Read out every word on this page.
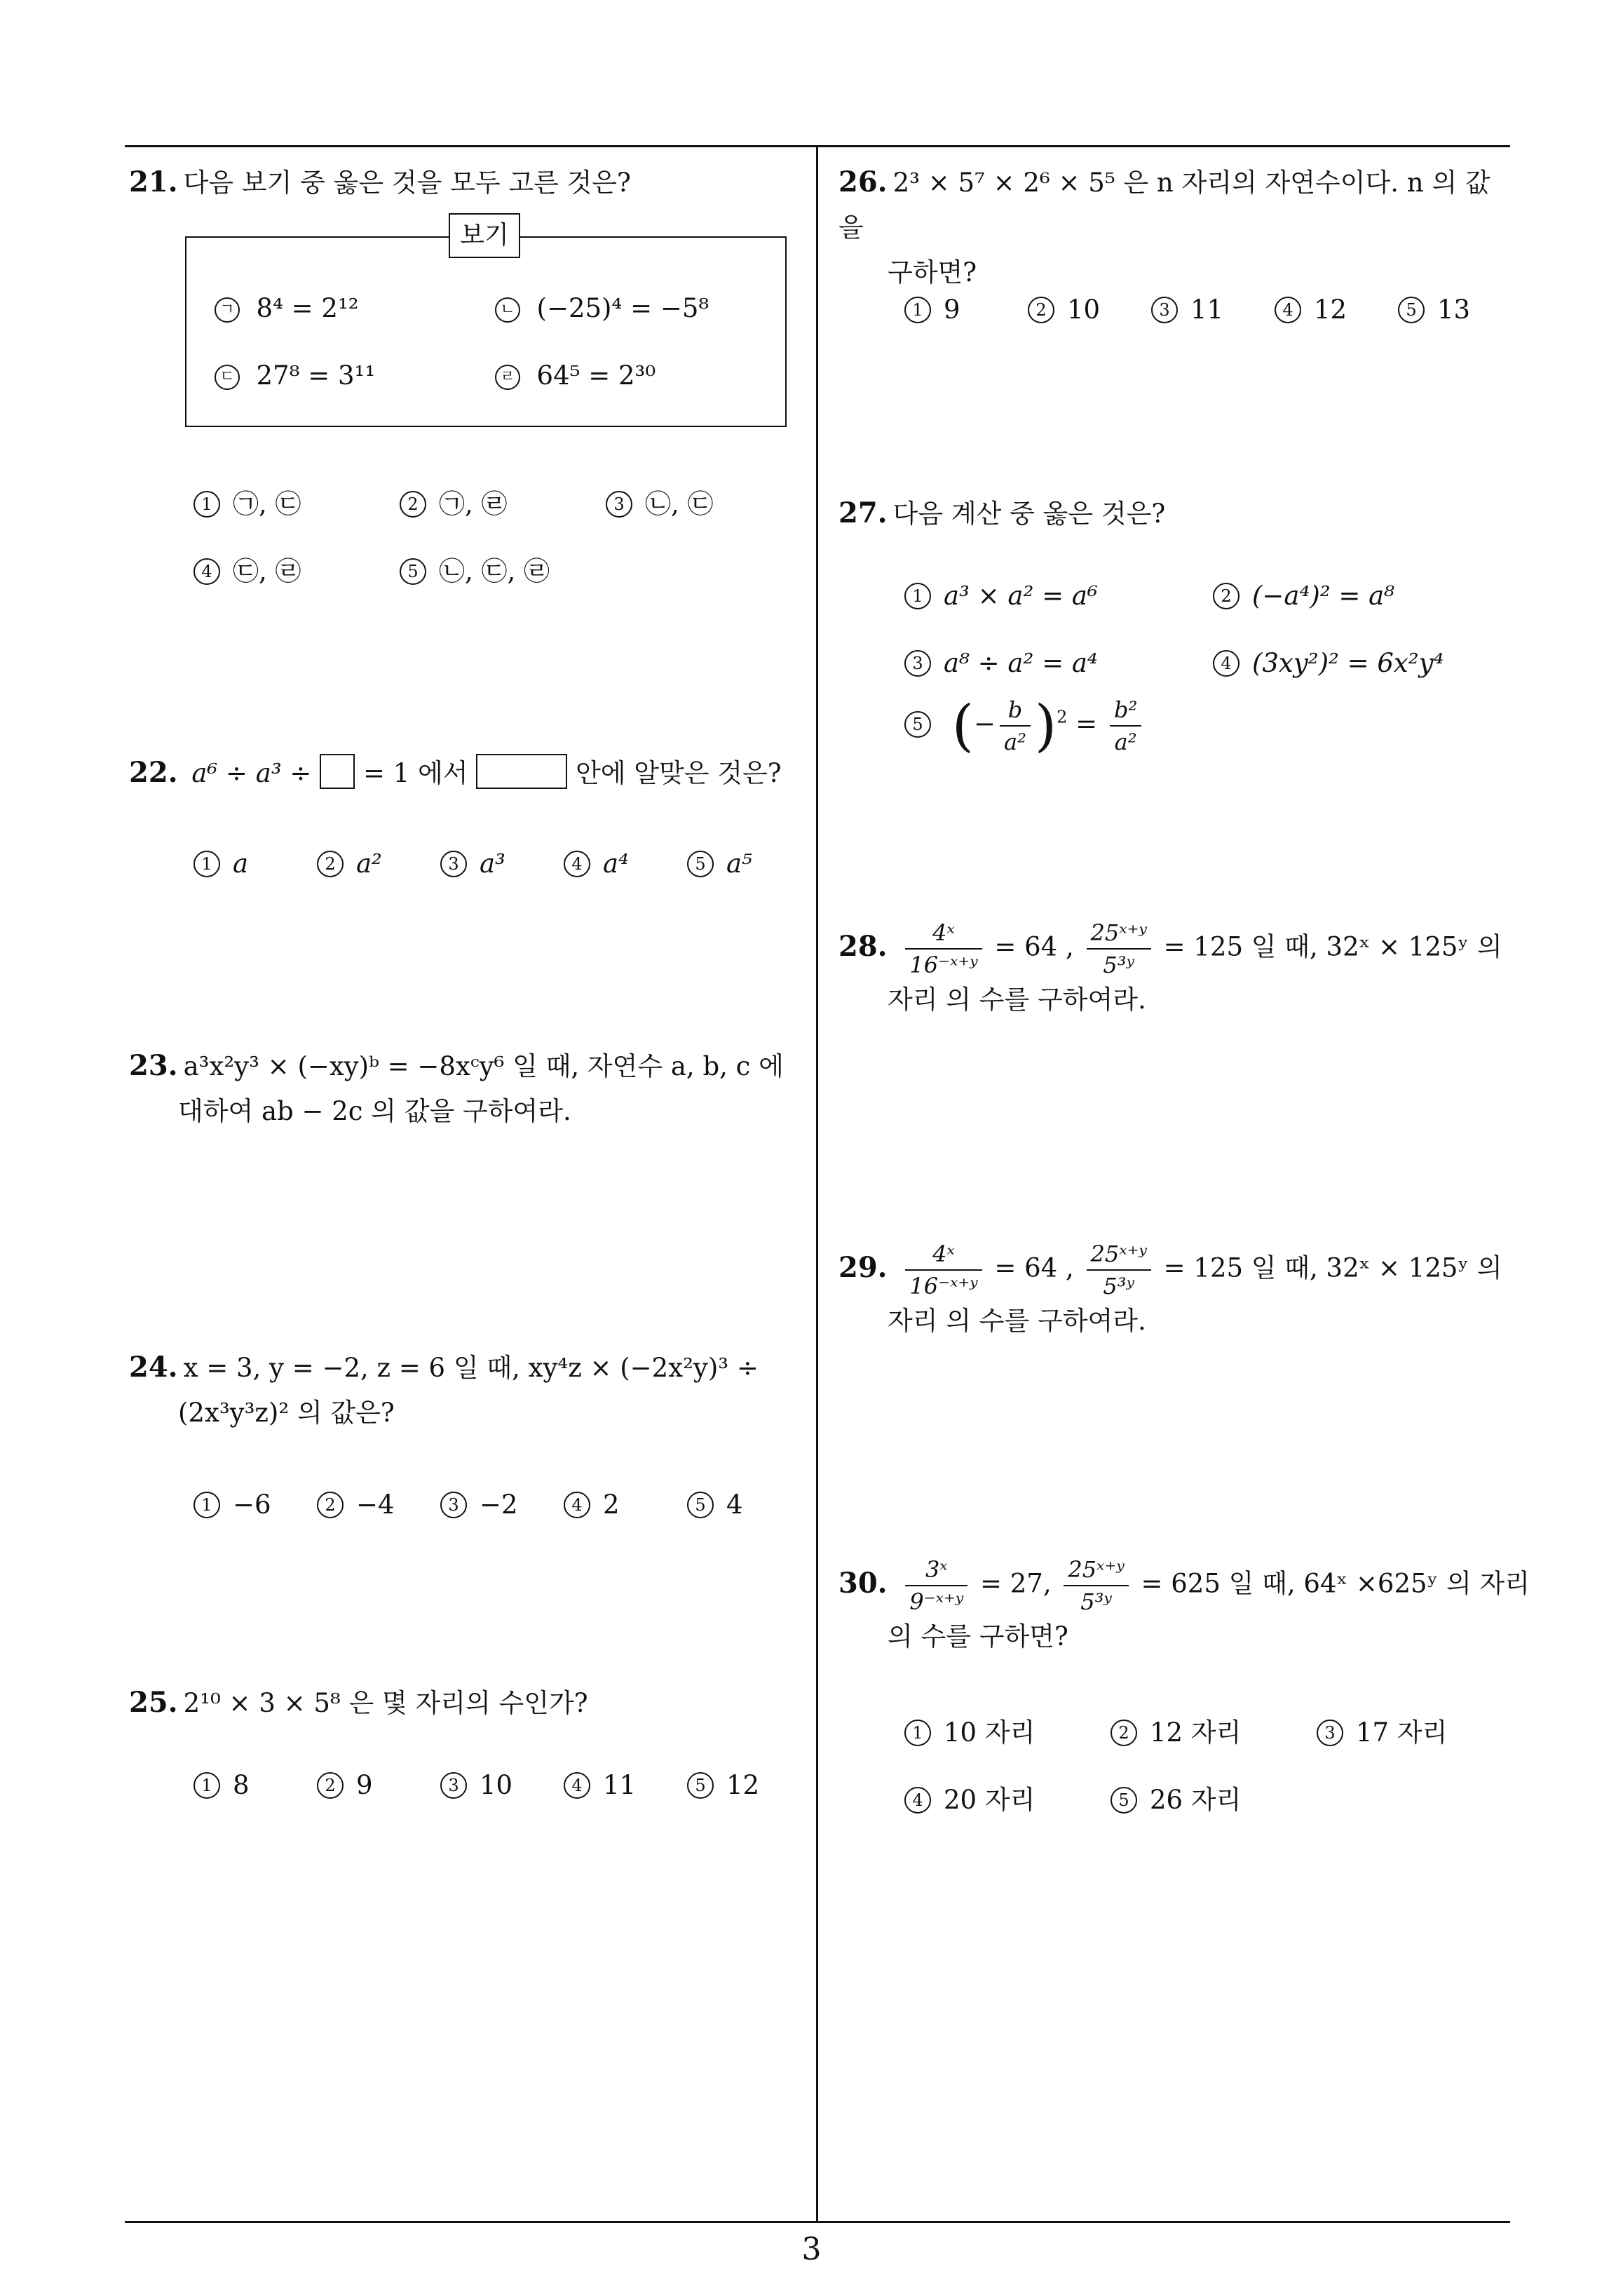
3
21. 다음 보기 중 옳은 것을 모두 고른 것은?
보기
ㄱ 8⁴ = 2¹²	ㄴ (−25)⁴ = −5⁸
ㄷ 27⁸ = 3¹¹	ㄹ 64⁵ = 2³⁰
1 ㉠, ㉢	2 ㉠, ㉣	3 ㉡, ㉢
4 ㉢, ㉣	5 ㉡, ㉢, ㉣
22. a⁶ ÷ a³ ÷ = 1 에서	안에 알맞은 것은?
1 a	2 a²	3 a³	4 a⁴	5 a⁵
23. a³x²y³ × (−xy)ᵇ = −8xᶜy⁶ 일 때, 자연수 a, b, c 에
대하여 ab − 2c 의 값을 구하여라.
24. x = 3, y = −2, z = 6 일 때, xy⁴z × (−2x²y)³ ÷
(2x³y³z)² 의 값은?
1 −6	2 −4	3 −2	4 2	5 4
25. 2¹⁰ × 3 × 5⁸ 은 몇 자리의 수인가?
1 8	2 9	3 10	4 11	5 12
26. 2³ × 5⁷ × 2⁶ × 5⁵ 은 n 자리의 자연수이다. n 의 값을
구하면?
1 9	2 10	3 11	4 12	5 13
27. 다음 계산 중 옳은 것은?
1 a³ × a² = a⁶	2 (−a⁴)² = a⁸
3 a⁸ ÷ a² = a⁴	4 (3xy²)² = 6x²y⁴
5 (− $\frac{b}{\text{a²}} )^2 = \frac{\text{b²}}{\text{a²}}$
28. $\frac{\text{4ˣ}}{\text{16⁻ˣ⁺ʸ}} = 64$ , $\frac{\text{25ˣ⁺ʸ}}{\text{5³ʸ}} = 125$ 일 때, 32ˣ × 125ʸ 의
자리 의 수를 구하여라.
29. $\frac{\text{4ˣ}}{\text{16⁻ˣ⁺ʸ}} = 64$ , $\frac{\text{25ˣ⁺ʸ}}{\text{5³ʸ}} = 125$ 일 때, 32ˣ × 125ʸ 의
자리 의 수를 구하여라.
30. $\frac{\text{3ˣ}}{\text{9⁻ˣ⁺ʸ}} = 27$, $\frac{\text{25ˣ⁺ʸ}}{\text{5³ʸ}} = 625$ 일 때, 64ˣ ×625ʸ 의 자리
의 수를 구하면?
1 10 자리	2 12 자리	3 17 자리
4 20 자리	5 26 자리
